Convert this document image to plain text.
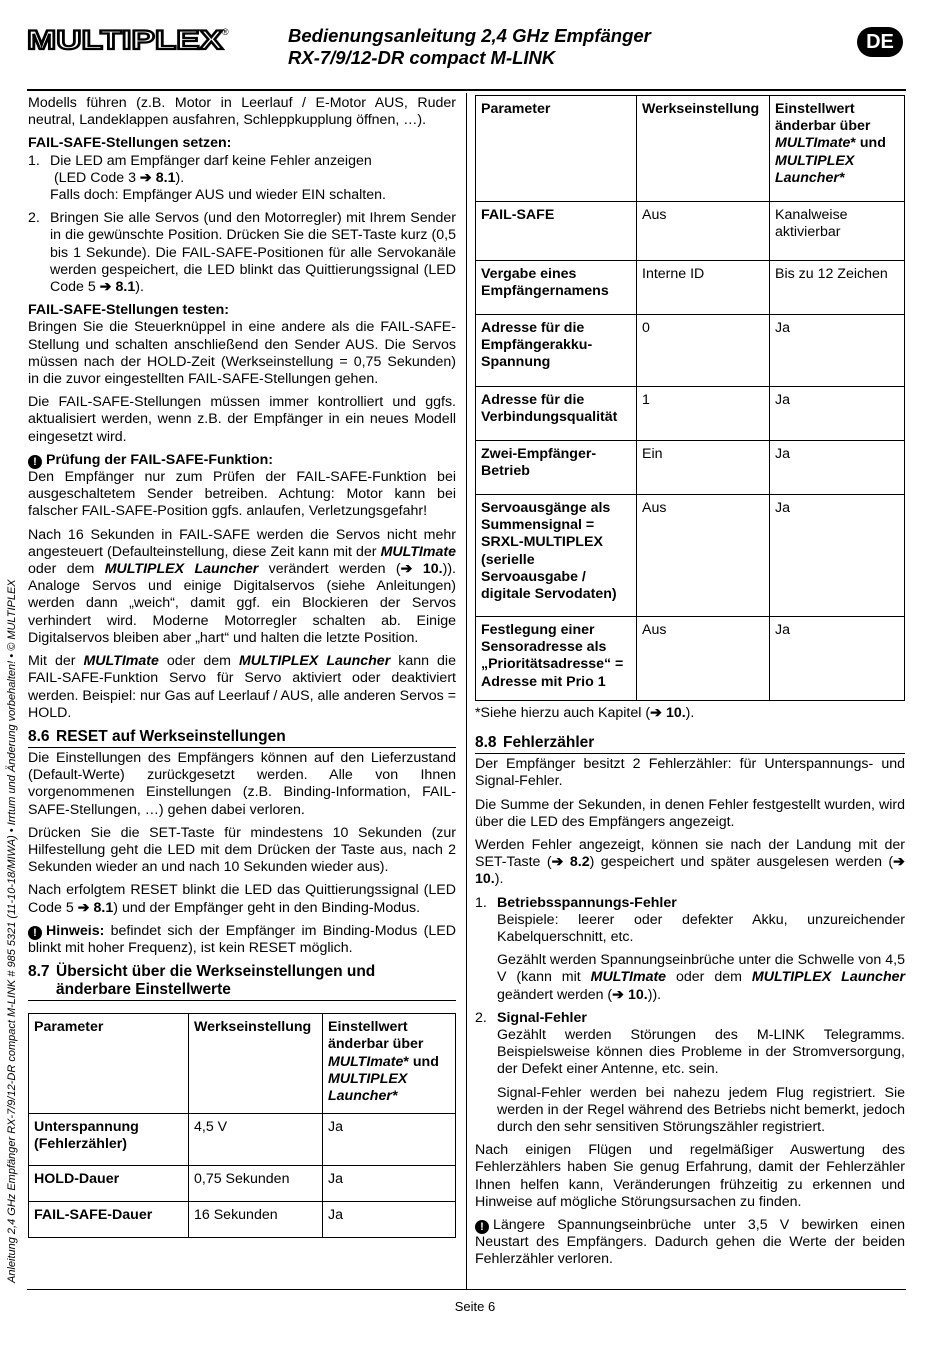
MULTIPLEX ®	Bedienungsanleitung 2,4 GHz Empfänger
RX-7/9/12-DR compact M-LINK
DE
Anleitung 2,4 GHz Empfänger RX-7/9/12-DR compact M-LINK # 985 5321 (11-10-18/MIWA) • Irrtum und Änderung vorbehalten! • © MULTIPLEX

Modells führen (z.B. Motor in Leerlauf / E-Motor AUS, Ruder neutral, Landeklappen ausfahren, Schleppkupplung öffnen, …).

FAIL-SAFE-Stellungen setzen:

1. Die LED am Empfänger darf keine Fehler anzeigen
(LED Code 3 ➔ 8.1).
Falls doch: Empfänger AUS und wieder EIN schalten.
2. Bringen Sie alle Servos (und den Motorregler) mit Ihrem Sender in die gewünschte Position. Drücken Sie die SET-Taste kurz (0,5 bis 1 Sekunde). Die FAIL-SAFE-Positionen für alle Servokanäle werden gespeichert, die LED blinkt das Quittierungssignal (LED Code 5 ➔ 8.1).

FAIL-SAFE-Stellungen testen:

Bringen Sie die Steuerknüppel in eine andere als die FAIL-SAFE-Stellung und schalten anschließend den Sender AUS. Die Servos müssen nach der HOLD-Zeit (Werkseinstellung = 0,75 Sekunden) in die zuvor eingestellten FAIL-SAFE-Stellungen gehen.

Die FAIL-SAFE-Stellungen müssen immer kontrolliert und ggfs. aktualisiert werden, wenn z.B. der Empfänger in ein neues Modell eingesetzt wird.

! Prüfung der FAIL-SAFE-Funktion:

Den Empfänger nur zum Prüfen der FAIL-SAFE-Funktion bei ausgeschaltetem Sender betreiben. Achtung: Motor kann bei falscher FAIL-SAFE-Position ggfs. anlaufen, Verletzungsgefahr!

Nach 16 Sekunden in FAIL-SAFE werden die Servos nicht mehr angesteuert (Defaulteinstellung, diese Zeit kann mit der MULTImate oder dem MULTIPLEX Launcher verändert werden (➔ 10.)). Analoge Servos und einige Digitalservos (siehe Anleitungen) werden dann „weich“, damit ggf. ein Blockieren der Servos verhindert wird. Moderne Motorregler schalten ab. Einige Digitalservos bleiben aber „hart“ und halten die letzte Position.

Mit der MULTImate oder dem MULTIPLEX Launcher kann die FAIL-SAFE-Funktion Servo für Servo aktiviert oder deaktiviert werden. Beispiel: nur Gas auf Leerlauf / AUS, alle anderen Servos = HOLD.

8.6 RESET auf Werkseinstellungen

Die Einstellungen des Empfängers können auf den Lieferzustand (Default-Werte) zurückgesetzt werden. Alle von Ihnen vorgenommenen Einstellungen (z.B. Binding-Information, FAIL-SAFE-Stellungen, …) gehen dabei verloren.

Drücken Sie die SET-Taste für mindestens 10 Sekunden (zur Hilfestellung geht die LED mit dem Drücken der Taste aus, nach 2 Sekunden wieder an und nach 10 Sekunden wieder aus).

Nach erfolgtem RESET blinkt die LED das Quittierungssignal (LED Code 5 ➔ 8.1) und der Empfänger geht in den Binding-Modus.

! Hinweis: befindet sich der Empfänger im Binding-Modus (LED blinkt mit hoher Frequenz), ist kein RESET möglich.

8.7 Übersicht über die Werkseinstellungen und
änderbare Einstellwerte
Parameter	Werkseinstellung	Einstellwert änderbar über MULTImate* und MULTIPLEX Launcher*
Unterspannung (Fehlerzähler)	4,5 V	Ja
HOLD-Dauer	0,75 Sekunden	Ja
FAIL-SAFE-Dauer	16 Sekunden	Ja
Parameter	Werkseinstellung	Einstellwert änderbar über MULTImate* und MULTIPLEX Launcher*
FAIL-SAFE	Aus	Kanalweise aktivierbar
Vergabe eines Empfängernamens	Interne ID	Bis zu 12 Zeichen
Adresse für die Empfängerakku-Spannung	0	Ja
Adresse für die Verbindungsqualität	1	Ja
Zwei-Empfänger-Betrieb	Ein	Ja
Servoausgänge als Summensignal = SRXL-MULTIPLEX (serielle Servoausgabe / digitale Servodaten)	Aus	Ja
Festlegung einer Sensoradresse als „Prioritätsadresse“ = Adresse mit Prio 1	Aus	Ja

*Siehe hierzu auch Kapitel (➔ 10.).

8.8 Fehlerzähler

Der Empfänger besitzt 2 Fehlerzähler: für Unterspannungs- und Signal-Fehler.

Die Summe der Sekunden, in denen Fehler festgestellt wurden, wird über die LED des Empfängers angezeigt.

Werden Fehler angezeigt, können sie nach der Landung mit der SET-Taste (➔ 8.2) gespeichert und später ausgelesen werden (➔ 10.).

1. Betriebsspannungs-Fehler

Beispiele: leerer oder defekter Akku, unzureichender Kabelquerschnitt, etc.

Gezählt werden Spannungseinbrüche unter die Schwelle von 4,5 V (kann mit MULTImate oder dem MULTIPLEX Launcher geändert werden (➔ 10.)).

2. Signal-Fehler

Gezählt werden Störungen des M-LINK Telegramms. Beispielsweise können dies Probleme in der Stromversorgung, der Defekt einer Antenne, etc. sein.

Signal-Fehler werden bei nahezu jedem Flug registriert. Sie werden in der Regel während des Betriebs nicht bemerkt, jedoch durch den sehr sensitiven Störungszähler registriert.

Nach einigen Flügen und regelmäßiger Auswertung des Fehlerzählers haben Sie genug Erfahrung, damit der Fehlerzähler Ihnen helfen kann, Veränderungen frühzeitig zu erkennen und Hinweise auf mögliche Störungsursachen zu finden.

! Längere Spannungseinbrüche unter 3,5 V bewirken einen Neustart des Empfängers. Dadurch gehen die Werte der beiden Fehlerzähler verloren.

Seite 6
